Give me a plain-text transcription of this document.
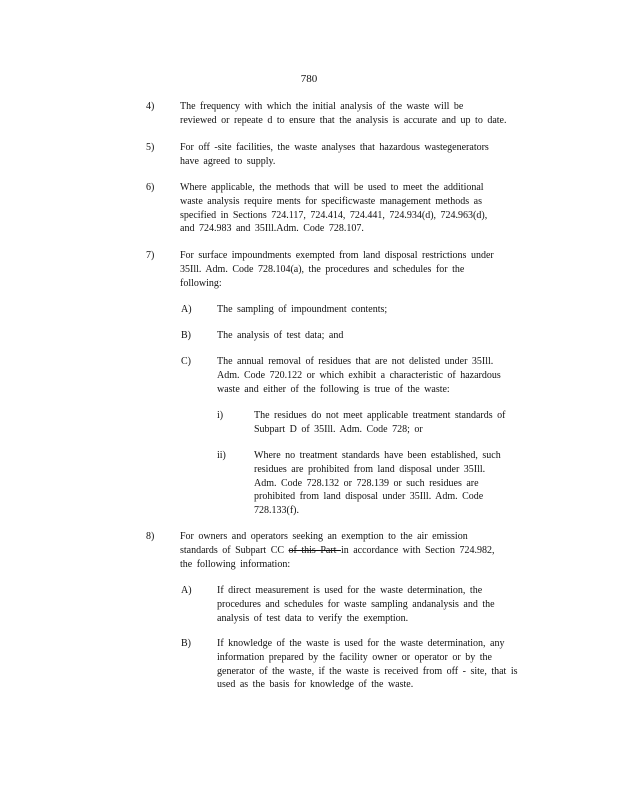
780
4)	The frequency with which the initial analysis of the waste will be
reviewed or repeate d to ensure that the analysis is accurate and up to date.
5)	For off -site facilities, the waste analyses that hazardous wastegenerators
have agreed to supply.
6)	Where applicable, the methods that will be used to meet the additional
waste analysis require ments for specificwaste management methods as
specified in Sections 724.117, 724.414, 724.441, 724.934(d), 724.963(d),
and 724.983 and 35Ill.Adm. Code 728.107.
7)	For surface impoundments exempted from land disposal restrictions under
35Ill. Adm. Code 728.104(a), the procedures and schedules for the
following:
A)	The sampling of impoundment contents;
B)	The analysis of test data; and
C)	The annual removal of residues that are not delisted under 35Ill.
Adm. Code 720.122 or which exhibit a characteristic of hazardous
waste and either of the following is true of the waste:
i)	The residues do not meet applicable treatment standards of
Subpart D of 35Ill. Adm. Code 728; or
ii)	Where no treatment standards have been established, such
residues are prohibited from land disposal under 35Ill.
Adm. Code 728.132 or 728.139 or such residues are
prohibited from land disposal under 35Ill. Adm. Code
728.133(f).
8)	For owners and operators seeking an exemption to the air emission
standards of Subpart CC of this Part in accordance with Section 724.982,
the following information:
A)	If direct measurement is used for the waste determination, the
procedures and schedules for waste sampling andanalysis and the
analysis of test data to verify the exemption.
B)	If knowledge of the waste is used for the waste determination, any
information prepared by the facility owner or operator or by the
generator of the waste, if the waste is received from off - site, that is
used as the basis for knowledge of the waste.
